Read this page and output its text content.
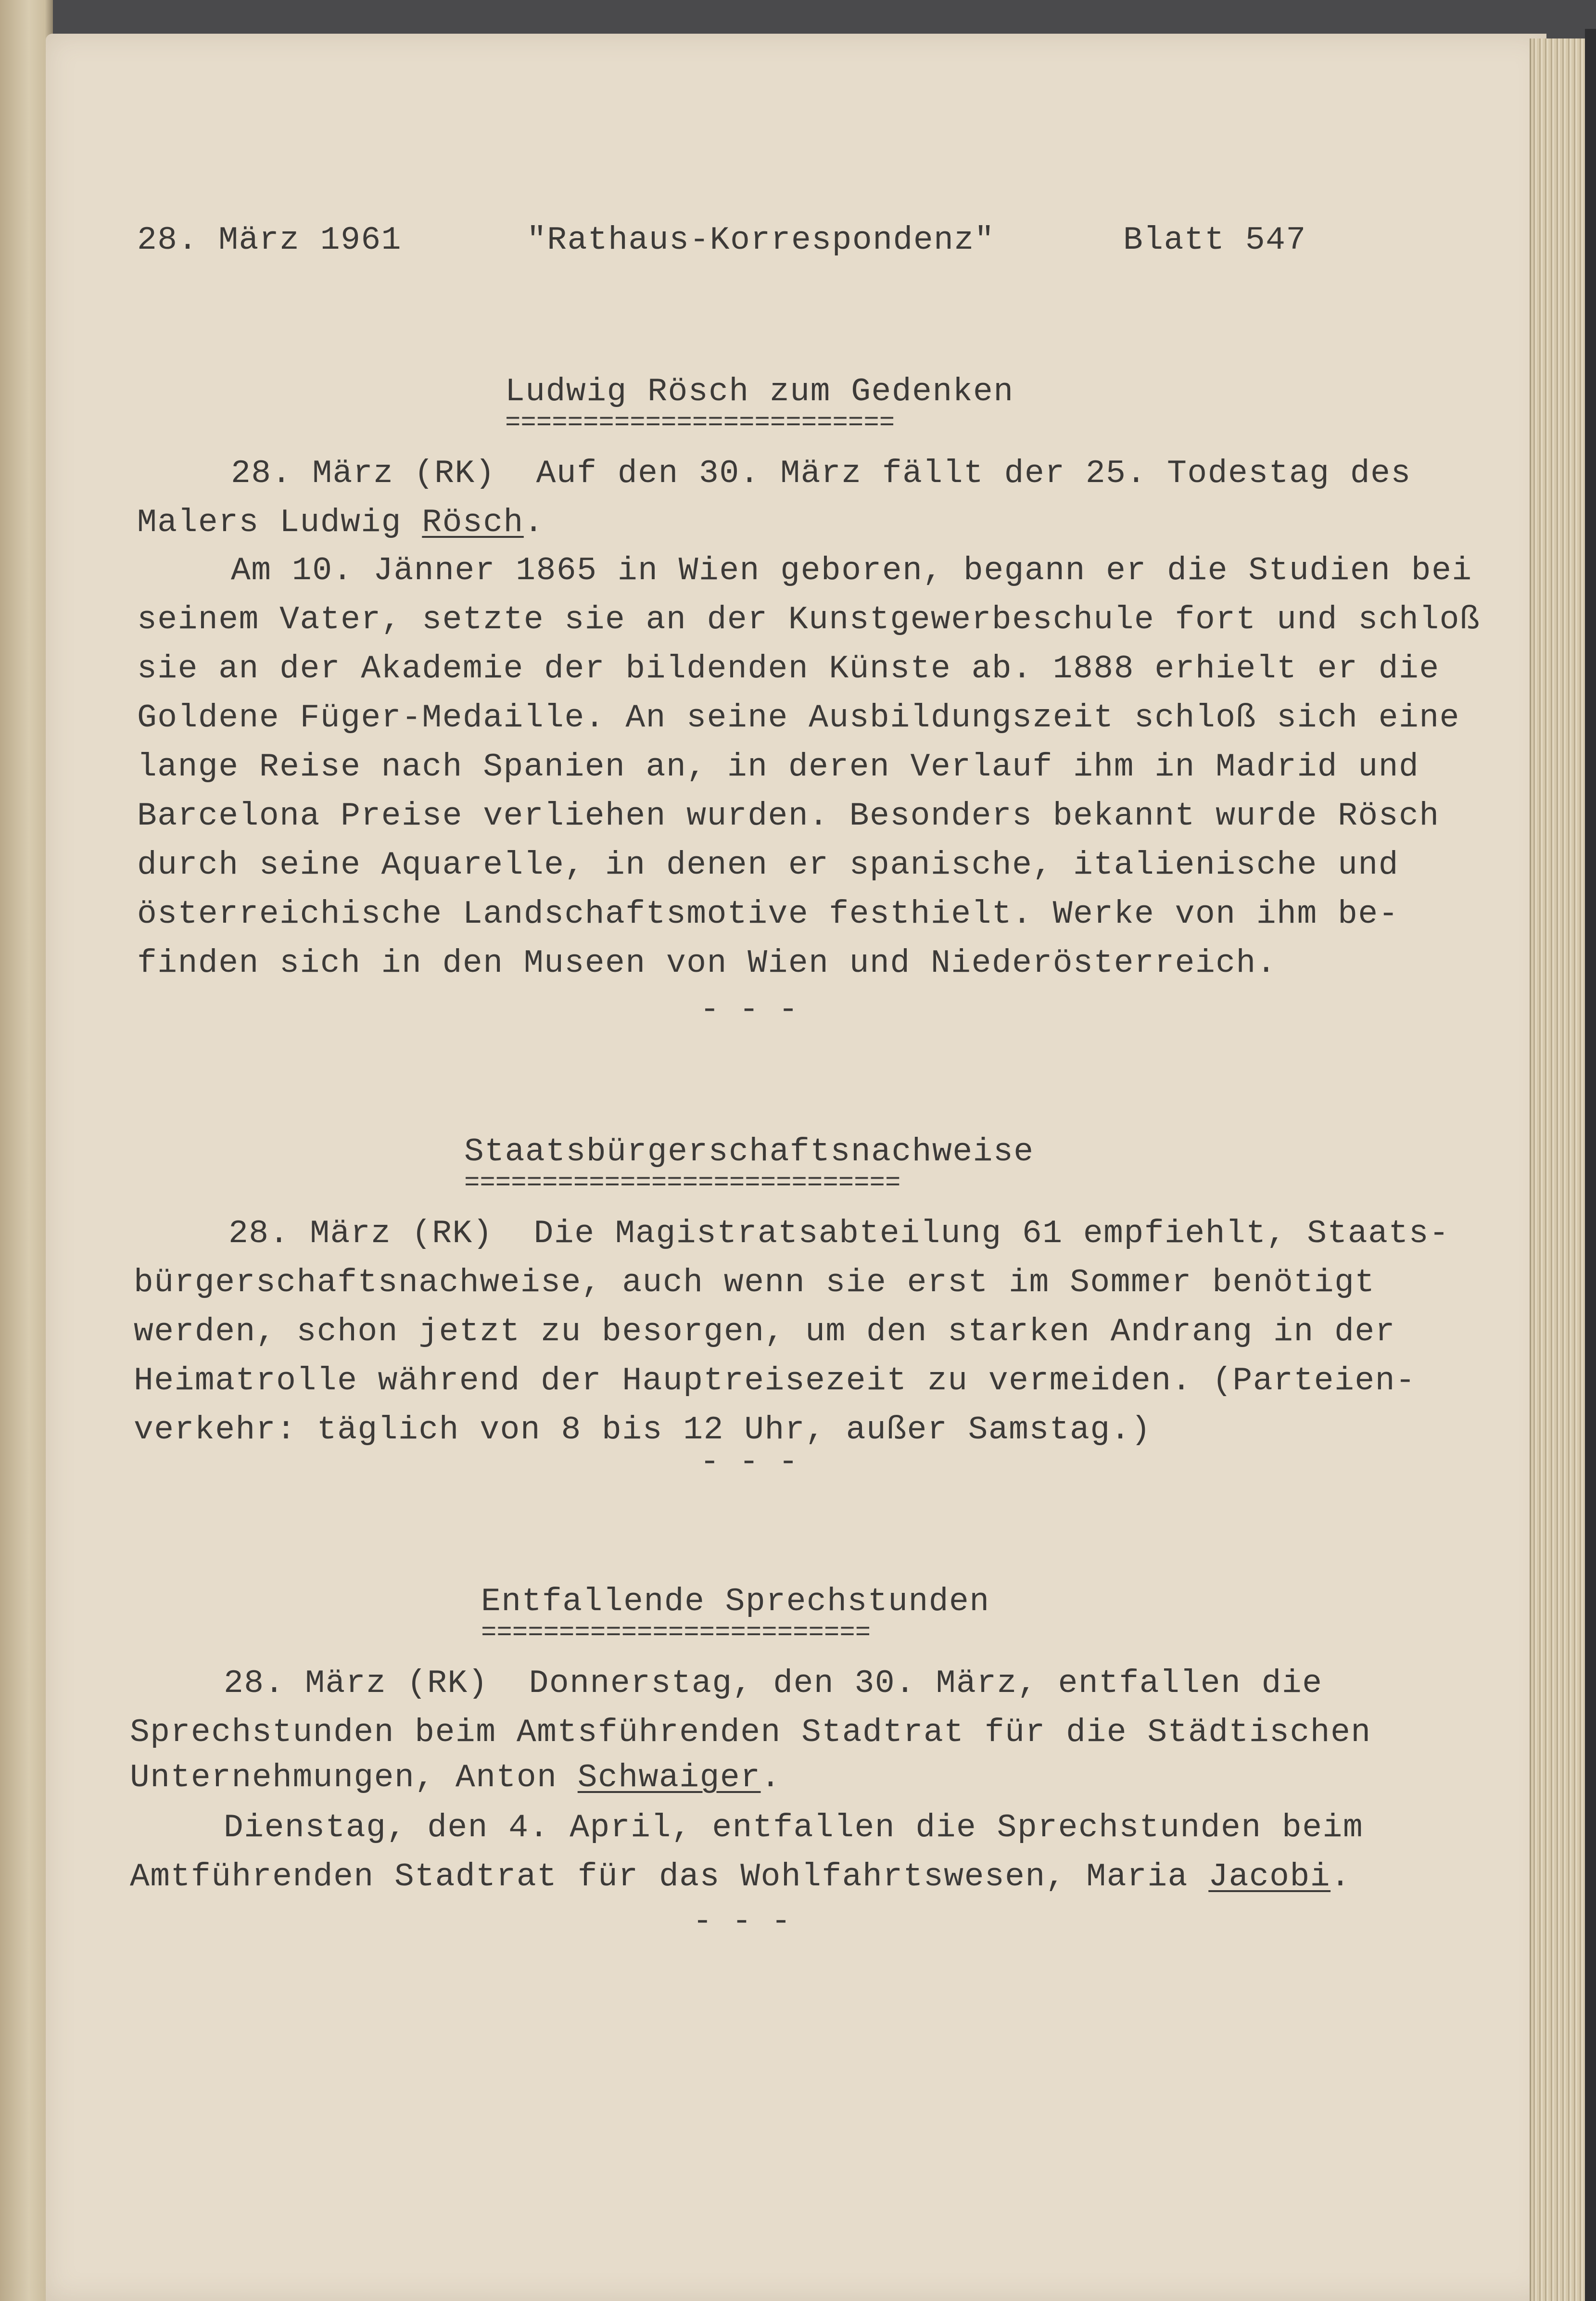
28. März 1961	"Rathaus-Korrespondenz"	Blatt 547
Ludwig Rösch zum Gedenken
=========================
28. März (RK)  Auf den 30. März fällt der 25. Todestag des
Malers Ludwig Rösch.
Am 10. Jänner 1865 in Wien geboren, begann er die Studien bei
seinem Vater, setzte sie an der Kunstgewerbeschule fort und schloß
sie an der Akademie der bildenden Künste ab. 1888 erhielt er die
Goldene Füger-Medaille. An seine Ausbildungszeit schloß sich eine
lange Reise nach Spanien an, in deren Verlauf ihm in Madrid und
Barcelona Preise verliehen wurden. Besonders bekannt wurde Rösch
durch seine Aquarelle, in denen er spanische, italienische und
österreichische Landschaftsmotive festhielt. Werke von ihm be-
finden sich in den Museen von Wien und Niederösterreich.
- - -
Staatsbürgerschaftsnachweise
============================
28. März (RK)  Die Magistratsabteilung 61 empfiehlt, Staats-
bürgerschaftsnachweise, auch wenn sie erst im Sommer benötigt
werden, schon jetzt zu besorgen, um den starken Andrang in der
Heimatrolle während der Hauptreisezeit zu vermeiden. (Parteien-
verkehr: täglich von 8 bis 12 Uhr, außer Samstag.)
- - -
Entfallende Sprechstunden
=========================
28. März (RK)  Donnerstag, den 30. März, entfallen die
Sprechstunden beim Amtsführenden Stadtrat für die Städtischen
Unternehmungen, Anton Schwaiger.
Dienstag, den 4. April, entfallen die Sprechstunden beim
Amtführenden Stadtrat für das Wohlfahrtswesen, Maria Jacobi.
- - -
